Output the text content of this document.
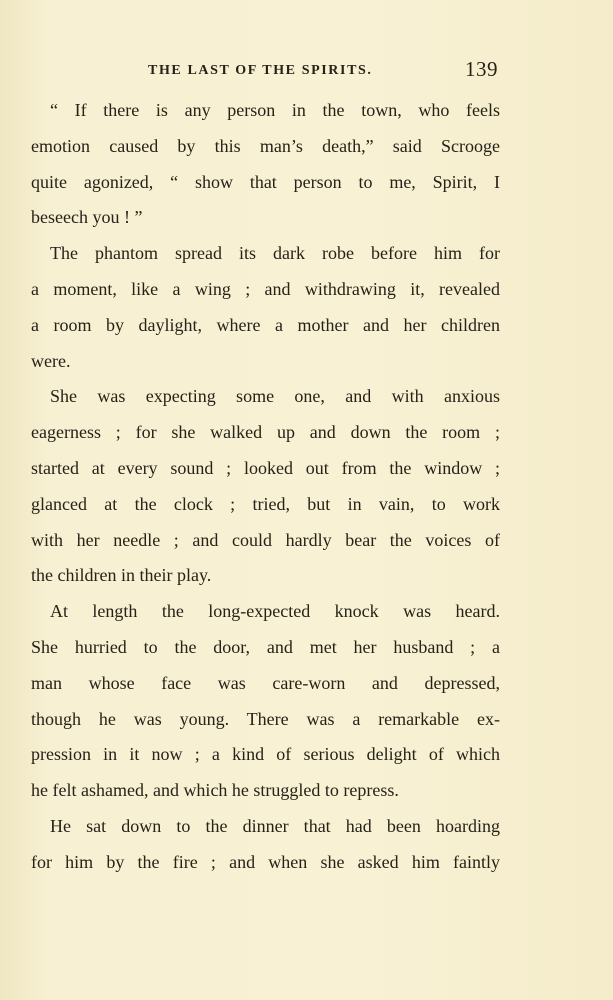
THE LAST OF THE SPIRITS.	139
“ If there is any person in the town, who feels
emotion caused by this man’s death,” said Scrooge
quite agonized, “ show that person to me, Spirit, I
beseech you ! ”
The phantom spread its dark robe before him for
a moment, like a wing ; and withdrawing it, revealed
a room by daylight, where a mother and her children
were.
She was expecting some one, and with anxious
eagerness ; for she walked up and down the room ;
started at every sound ; looked out from the window ;
glanced at the clock ; tried, but in vain, to work
with her needle ; and could hardly bear the voices of
the children in their play.
At length the long-expected knock was heard.
She hurried to the door, and met her husband ; a
man whose face was care-worn and depressed,
though he was young. There was a remarkable ex-
pression in it now ; a kind of serious delight of which
he felt ashamed, and which he struggled to repress.
He sat down to the dinner that had been hoarding
for him by the fire ; and when she asked him faintly
